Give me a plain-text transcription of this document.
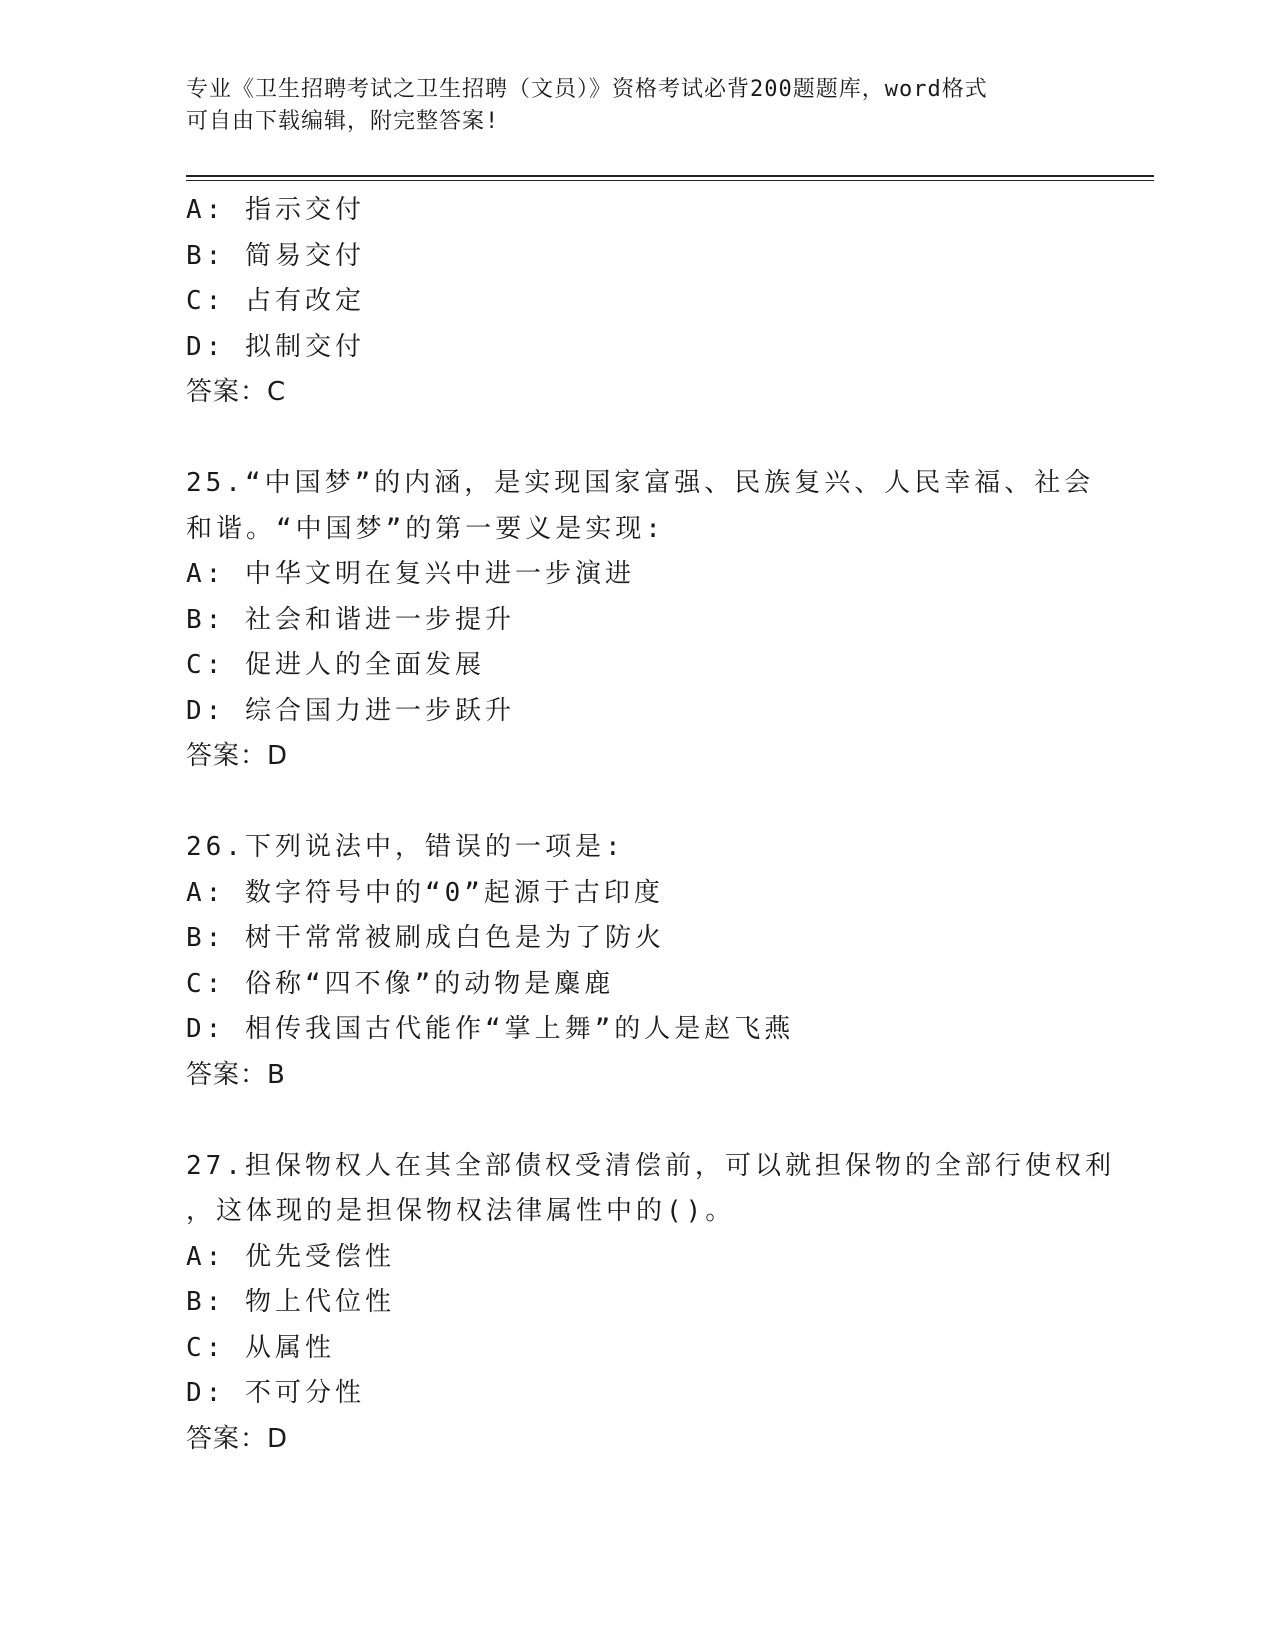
专业《卫生招聘考试之卫生招聘（文员）》资格考试必背200题题库，word格式
可自由下载编辑，附完整答案!
A: 指示交付
B: 简易交付
C: 占有改定
D: 拟制交付
答案：C
25.“中国梦”的内涵，是实现国家富强、民族复兴、人民幸福、社会
和谐。“中国梦”的第一要义是实现:
A: 中华文明在复兴中进一步演进
B: 社会和谐进一步提升
C: 促进人的全面发展
D: 综合国力进一步跃升
答案：D
26.下列说法中，错误的一项是:
A: 数字符号中的“0”起源于古印度
B: 树干常常被刷成白色是为了防火
C: 俗称“四不像”的动物是麋鹿
D: 相传我国古代能作“掌上舞”的人是赵飞燕
答案：B
27.担保物权人在其全部债权受清偿前，可以就担保物的全部行使权利
，这体现的是担保物权法律属性中的()。
A: 优先受偿性
B: 物上代位性
C: 从属性
D: 不可分性
答案：D
